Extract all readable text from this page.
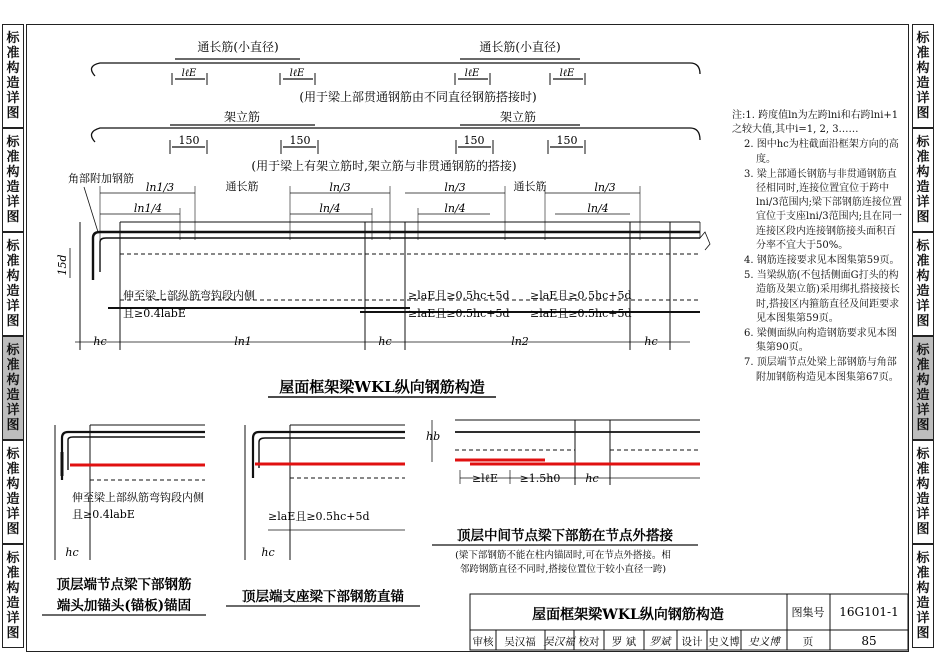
标
准
构
造
详
图
标
准
构
造
详
图
标
准
构
造
详
图
标
准
构
造
详
图
标
准
构
造
详
图
标
准
构
造
详
图
标
准
构
造
详
图
标
准
构
造
详
图
标
准
构
造
详
图
标
准
构
造
详
图
标
准
构
造
详
图
标
准
构
造
详
图
通长筋(小直径)	通长筋(小直径)
lℓE	lℓE	lℓE	lℓE
(用于梁上部贯通钢筋由不同直径钢筋搭接时)
架立筋	架立筋
150	150	150	150
(用于梁上有架立筋时,架立筋与非贯通钢筋的搭接)
角部附加钢筋
ln1/3
ln1/4
通长筋	ln/3
ln/4
ln/3
ln/4
通长筋	ln/3
ln/4
15d
伸至梁上部纵筋弯钩段内侧
且≥0.4labE
≥laE且≥0.5hc+5d
≥laE且≥0.5hc+5d
≥laE且≥0.5hc+5d
≥laE且≥0.5hc+5d
hc	ln1	hc	ln2	hc
屋面框架梁WKL纵向钢筋构造
伸至梁上部纵筋弯钩段内侧
且≥0.4labE
hc
顶层端节点梁下部钢筋
端头加锚头(锚板)锚固
≥laE且≥0.5hc+5d
hc
顶层端支座梁下部钢筋直锚
hb
≥lℓE ≥1.5h0 hc
顶层中间节点梁下部筋在节点外搭接
(梁下部钢筋不能在柱内锚固时,可在节点外搭接。相
邻跨钢筋直径不同时,搭接位置位于较小直径一跨)
屋面框架梁WKL纵向钢筋构造	图集号 16G101-1
审核 吴汉福 吴汉福 校对 罗 斌 罗斌 设计 史义博 史义博 页	85
注:1. 跨度值ln为左跨lni和右跨lni+1之较大值,其中i=1, 2, 3……
2. 图中hc为柱截面沿框架方向的高度。
3. 梁上部通长钢筋与非贯通钢筋直径相同时,连接位置宜位于跨中lni/3范围内;梁下部钢筋连接位置宜位于支座lni/3范围内;且在同一连接区段内连接钢筋接头面积百分率不宜大于50%。
4. 钢筋连接要求见本图集第59页。
5. 当梁纵筋(不包括侧面G打头的构造筋及架立筋)采用绑扎搭接接长时,搭接区内箍筋直径及间距要求见本图集第59页。
6. 梁侧面纵向构造钢筋要求见本图集第90页。
7. 顶层端节点处梁上部钢筋与角部附加钢筋构造见本图集第67页。
